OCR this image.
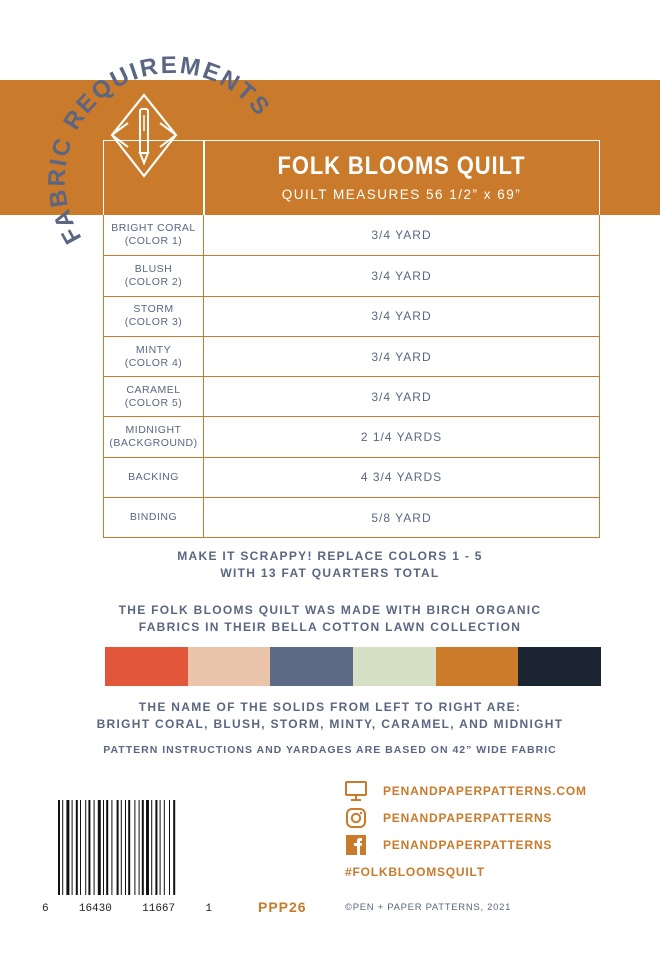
FABRIC REQUIREMENTS
FOLK BLOOMS QUILT
QUILT MEASURES 56 1/2” x 69”
BRIGHT CORAL
(COLOR 1)	3/4 YARD
BLUSH
(COLOR 2)	3/4 YARD
STORM
(COLOR 3)	3/4 YARD
MINTY
(COLOR 4)	3/4 YARD
CARAMEL
(COLOR 5)	3/4 YARD
MIDNIGHT
(BACKGROUND)	2 1/4 YARDS
BACKING	4 3/4 YARDS
BINDING	5/8 YARD
MAKE IT SCRAPPY! REPLACE COLORS 1 - 5
WITH 13 FAT QUARTERS TOTAL
THE FOLK BLOOMS QUILT WAS MADE WITH BIRCH ORGANIC
FABRICS IN THEIR BELLA COTTON LAWN COLLECTION
THE NAME OF THE SOLIDS FROM LEFT TO RIGHT ARE:
BRIGHT CORAL, BLUSH, STORM, MINTY, CARAMEL, AND MIDNIGHT
PATTERN INSTRUCTIONS AND YARDAGES ARE BASED ON 42” WIDE FABRIC
6	16430	11667	1
PENANDPAPERPATTERNS.COM
PENANDPAPERPATTERNS
PENANDPAPERPATTERNS
#FOLKBLOOMSQUILT
PPP26	©PEN + PAPER PATTERNS, 2021
